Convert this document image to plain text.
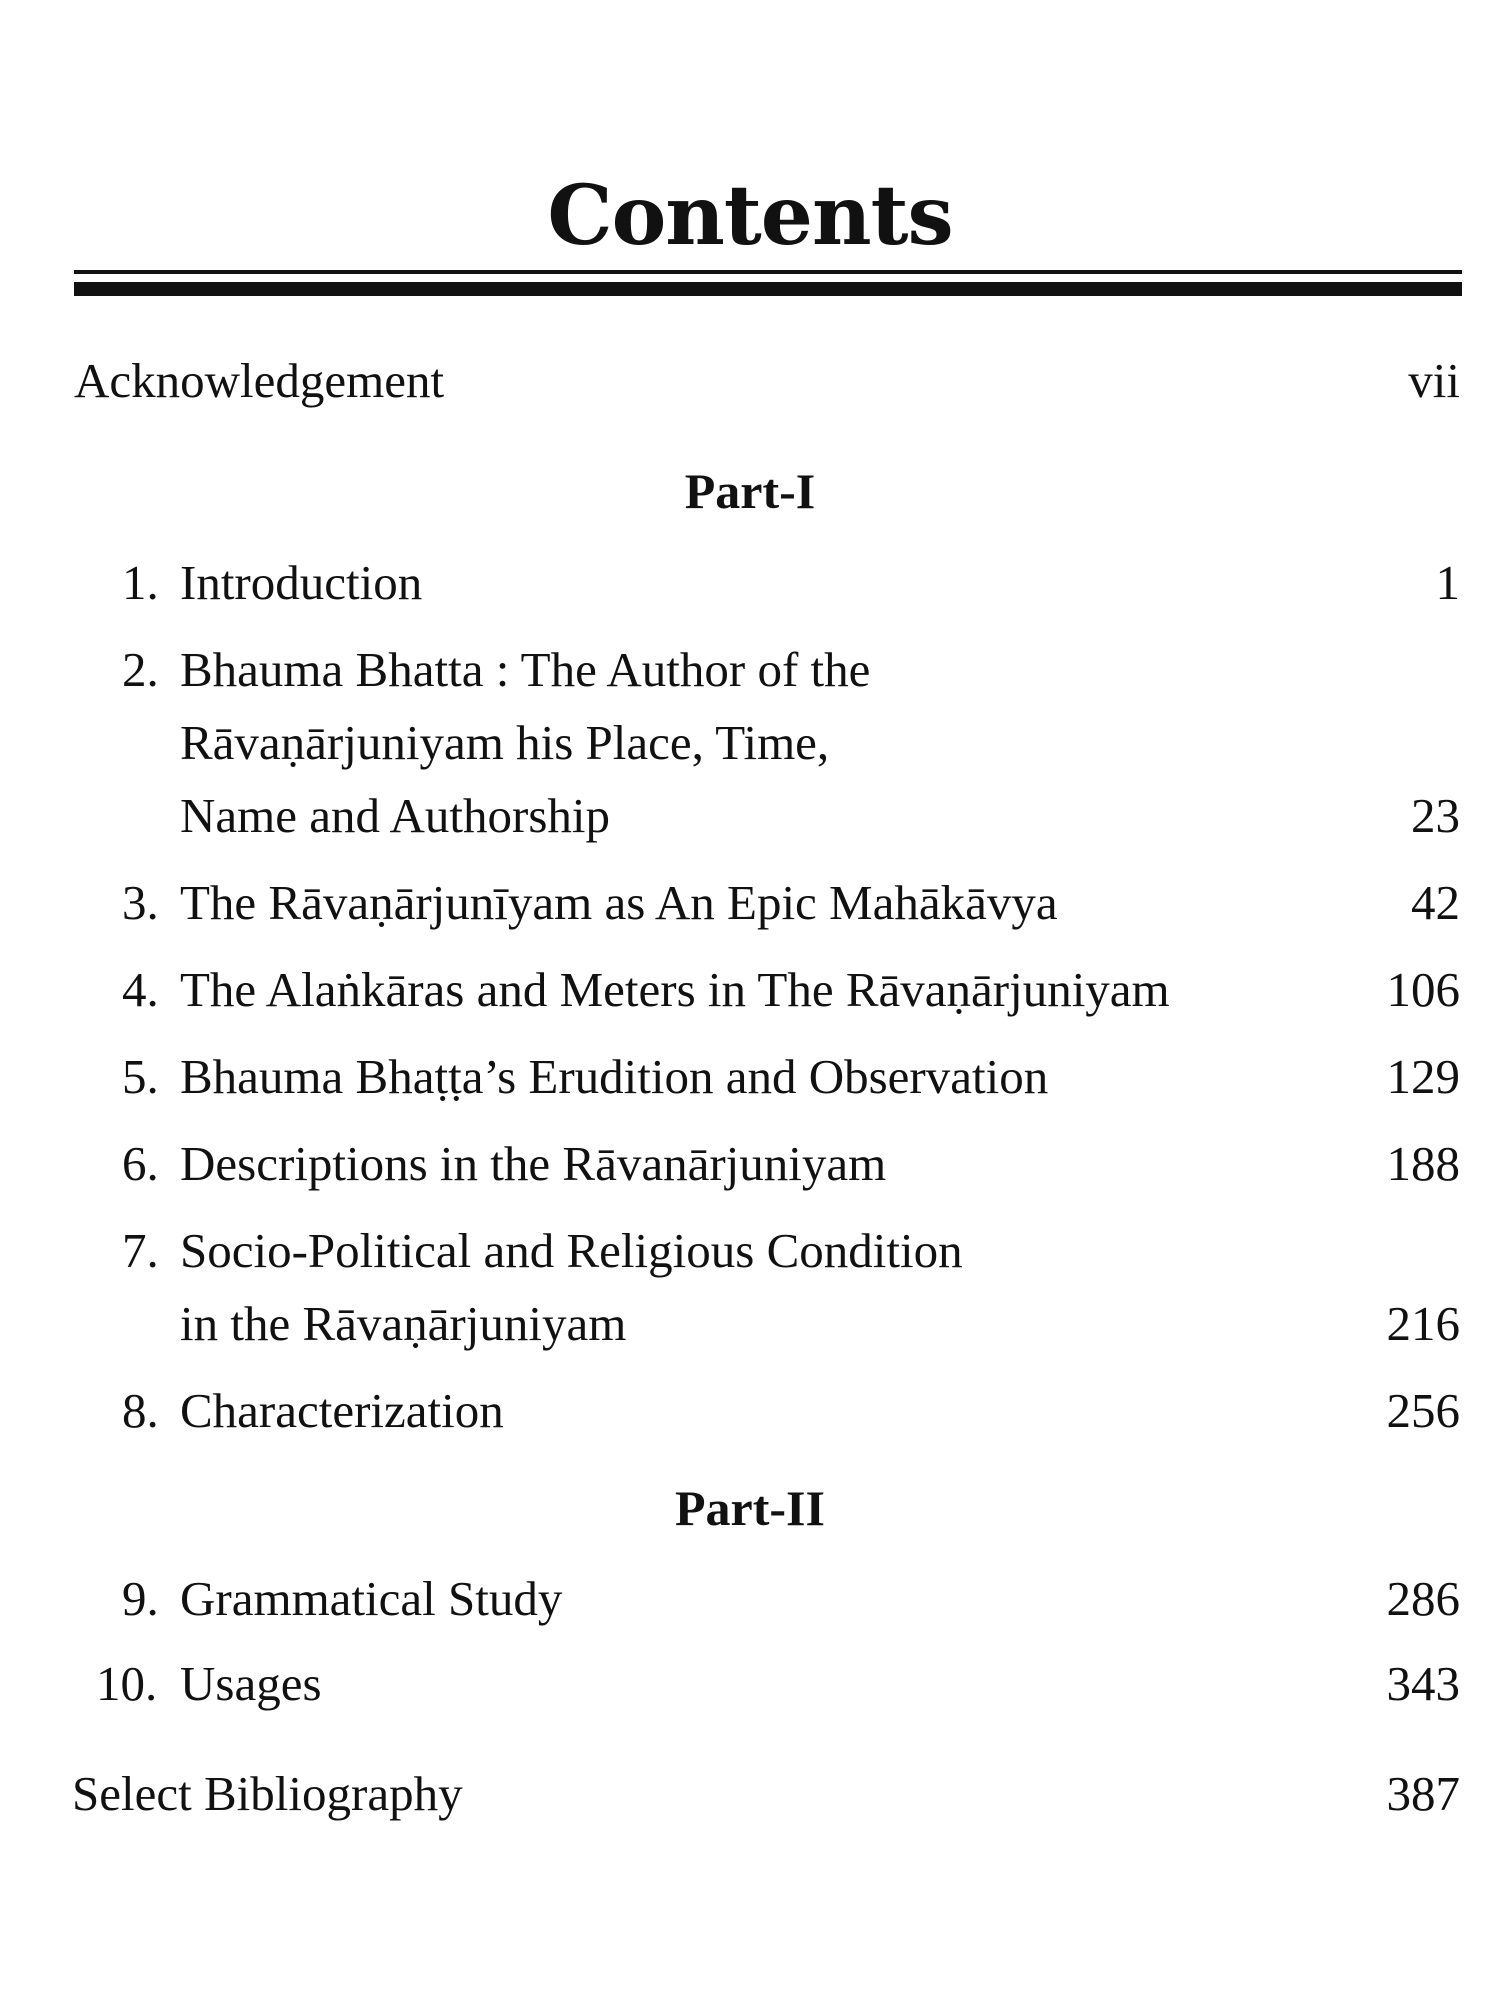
Contents
Acknowledgement	vii
Part-I
1. Introduction	1
2. Bhauma Bhatta : The Author of the
Rāvaṇārjuniyam his Place, Time,
Name and Authorship	23
3. The Rāvaṇārjunīyam as An Epic Mahākāvya	42
4. The Alaṅkāras and Meters in The Rāvaṇārjuniyam	106
5. Bhauma Bhaṭṭa’s Erudition and Observation	129
6. Descriptions in the Rāvanārjuniyam	188
7. Socio-Political and Religious Condition
in the Rāvaṇārjuniyam	216
8. Characterization	256
Part-II
9. Grammatical Study	286
10. Usages	343
Select Bibliography	387
